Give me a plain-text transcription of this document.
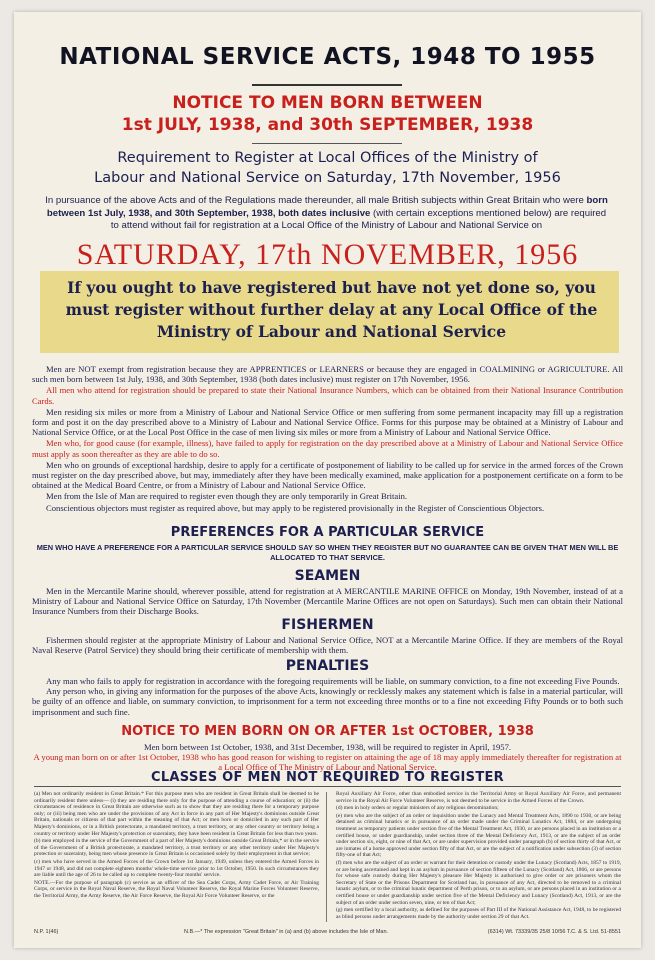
NATIONAL SERVICE ACTS, 1948 TO 1955
NOTICE TO MEN BORN BETWEEN
1st JULY, 1938, and 30th SEPTEMBER, 1938
Requirement to Register at Local Offices of the Ministry of
Labour and National Service on Saturday, 17th November, 1956
In pursuance of the above Acts and of the Regulations made thereunder, all male British subjects within Great Britain who were born between 1st July, 1938, and 30th September, 1938, both dates inclusive (with certain exceptions mentioned below) are required to attend without fail for registration at a Local Office of the Ministry of Labour and National Service on
SATURDAY, 17th NOVEMBER, 1956
If you ought to have registered but have not yet done so, you must register without further delay at any Local Office of the Ministry of Labour and National Service

Men are NOT exempt from registration because they are APPRENTICES or LEARNERS or because they are engaged in COALMINING or AGRICULTURE. All such men born between 1st July, 1938, and 30th September, 1938 (both dates inclusive) must register on 17th November, 1956.

All men who attend for registration should be prepared to state their National Insurance Numbers, which can be obtained from their National Insurance Contribution Cards.

Men residing six miles or more from a Ministry of Labour and National Service Office or men suffering from some permanent incapacity may fill up a registration form and post it on the day prescribed above to a Ministry of Labour and National Service Office. Forms for this purpose may be obtained at a Ministry of Labour and National Service Office, or at the Local Post Office in the case of men living six miles or more from a Ministry of Labour and National Service Office.

Men who, for good cause (for example, illness), have failed to apply for registration on the day prescribed above at a Ministry of Labour and National Service Office must apply as soon thereafter as they are able to do so.

Men who on grounds of exceptional hardship, desire to apply for a certificate of postponement of liability to be called up for service in the armed forces of the Crown must register on the day prescribed above, but may, immediately after they have been medically examined, make application for a postponement certificate on a form to be obtained at the Medical Board Centre, or from a Ministry of Labour and National Service Office.

Men from the Isle of Man are required to register even though they are only temporarily in Great Britain.

Conscientious objectors must register as required above, but may apply to be registered provisionally in the Register of Conscientious Objectors.

PREFERENCES FOR A PARTICULAR SERVICE
MEN WHO HAVE A PREFERENCE FOR A PARTICULAR SERVICE SHOULD SAY SO WHEN THEY REGISTER BUT NO GUARANTEE CAN BE GIVEN THAT MEN WILL BE ALLOCATED TO THAT SERVICE.
SEAMEN

Men in the Mercantile Marine should, wherever possible, attend for registration at A MERCANTILE MARINE OFFICE on Monday, 19th November, instead of at a Ministry of Labour and National Service Office on Saturday, 17th November (Mercantile Marine Offices are not open on Saturdays). Such men can obtain their National Insurance Numbers from their Discharge Books.

FISHERMEN

Fishermen should register at the appropriate Ministry of Labour and National Service Office, NOT at a Mercantile Marine Office. If they are members of the Royal Naval Reserve (Patrol Service) they should bring their certificate of membership with them.

PENALTIES

Any man who fails to apply for registration in accordance with the foregoing requirements will be liable, on summary conviction, to a fine not exceeding Five Pounds.

Any person who, in giving any information for the purposes of the above Acts, knowingly or recklessly makes any statement which is false in a material particular, will be guilty of an offence and liable, on summary conviction, to imprisonment for a term not exceeding three months or to a fine not exceeding Fifty Pounds or to both such imprisonment and such fine.

NOTICE TO MEN BORN ON OR AFTER 1st OCTOBER, 1938
Men born between 1st October, 1938, and 31st December, 1938, will be required to register in April, 1957.
A young man born on or after 1st October, 1938 who has good reason for wishing to register on attaining the age of 18 may apply immediately thereafter for registration at a Local Office of The Ministry of Labour and National Service.
CLASSES OF MEN NOT REQUIRED TO REGISTER
(a) Men not ordinarily resident in Great Britain.* For this purpose men who are resident in Great Britain shall be deemed to be ordinarily resident there unless— (i) they are residing there only for the purpose of attending a course of education; or (ii) the circumstances of residence in Great Britain are otherwise such as to show that they are residing there for a temporary purpose only; or (iii) being men who are under the provisions of any Act in force in any part of Her Majesty's dominions outside Great Britain, nationals or citizens of that part within the meaning of that Act; or men born or domiciled in any such part of Her Majesty's dominions, or in a British protectorate, a mandated territory, a trust territory, or any other country or territory being a country or territory under Her Majesty's protection or suzerainty, they have been resident in Great Britain for less than two years.
(b) men employed in the service of the Government of a part of Her Majesty's dominions outside Great Britain,* or in the service of the Government of a British protectorate, a mandated territory, a trust territory or any other territory under Her Majesty's protection or suzerainty, being men whose presence in Great Britain is occasioned solely by their employment in that service;
(c) men who have served in the Armed Forces of the Crown before 1st January, 1949, unless they entered the Armed Forces in 1947 or 1948, and did not complete eighteen months' whole-time service prior to 1st October, 1950. In such circumstances they are liable until the age of 26 to be called up to complete twenty-four months' service.
NOTE.—For the purpose of paragraph (c) service as an officer of the Sea Cadet Corps, Army Cadet Force, or Air Training Corps, or service in the Royal Naval Reserve, the Royal Naval Volunteer Reserve, the Royal Marine Forces Volunteer Reserve, the Territorial Army, the Army Reserve, the Air Force Reserve, the Royal Air Force Volunteer Reserve, or the
Royal Auxiliary Air Force, other than embodied service in the Territorial Army or Royal Auxiliary Air Force, and permanent service in the Royal Air Force Volunteer Reserve, is not deemed to be service in the Armed Forces of the Crown.
(d) men in holy orders or regular ministers of any religious denomination;
(e) men who are the subject of an order or inquisition under the Lunacy and Mental Treatment Acts, 1890 to 1930, or are being detained as criminal lunatics or in pursuance of an order made under the Criminal Lunatics Act, 1884, or are undergoing treatment as temporary patients under section five of the Mental Treatment Act, 1930, or are persons placed in an institution or a certified house, or under guardianship, under section three of the Mental Deficiency Act, 1913, or are the subject of an order under section six, eight, or nine of that Act, or are under supervision provided under paragraph (b) of section thirty of that Act, or are inmates of a home approved under section fifty of that Act, or are the subject of a notification under subsection (3) of section fifty-one of that Act;
(f) men who are the subject of an order or warrant for their detention or custody under the Lunacy (Scotland) Acts, 1857 to 1919, or are being ascertained and kept in an asylum in pursuance of section fifteen of the Lunacy (Scotland) Act, 1866, or are persons for whose safe custody during Her Majesty's pleasure Her Majesty is authorised to give order or are prisoners whom the Secretary of State or the Prisons Department for Scotland has, in pursuance of any Act, directed to be removed to a criminal lunatic asylum, or to the criminal lunatic department of Perth prison, or to an asylum, or are persons placed in an institution or a certified house or under guardianship under section five of the Mental Deficiency and Lunacy (Scotland) Act, 1913, or are the subject of an order under section seven, nine, or ten of that Act;
(g) men certified by a local authority, as defined for the purposes of Part III of the National Assistance Act, 1948, to be registered as blind persons under arrangements made by the authority under section 29 of that Act.
N.P. 1(46)	N.B.—* The expression "Great Britain" in (a) and (b) above includes the Isle of Man.	(6314) Wt. 73339/35 25/8 10/56 T.C. & S. Ltd. 51-8551
